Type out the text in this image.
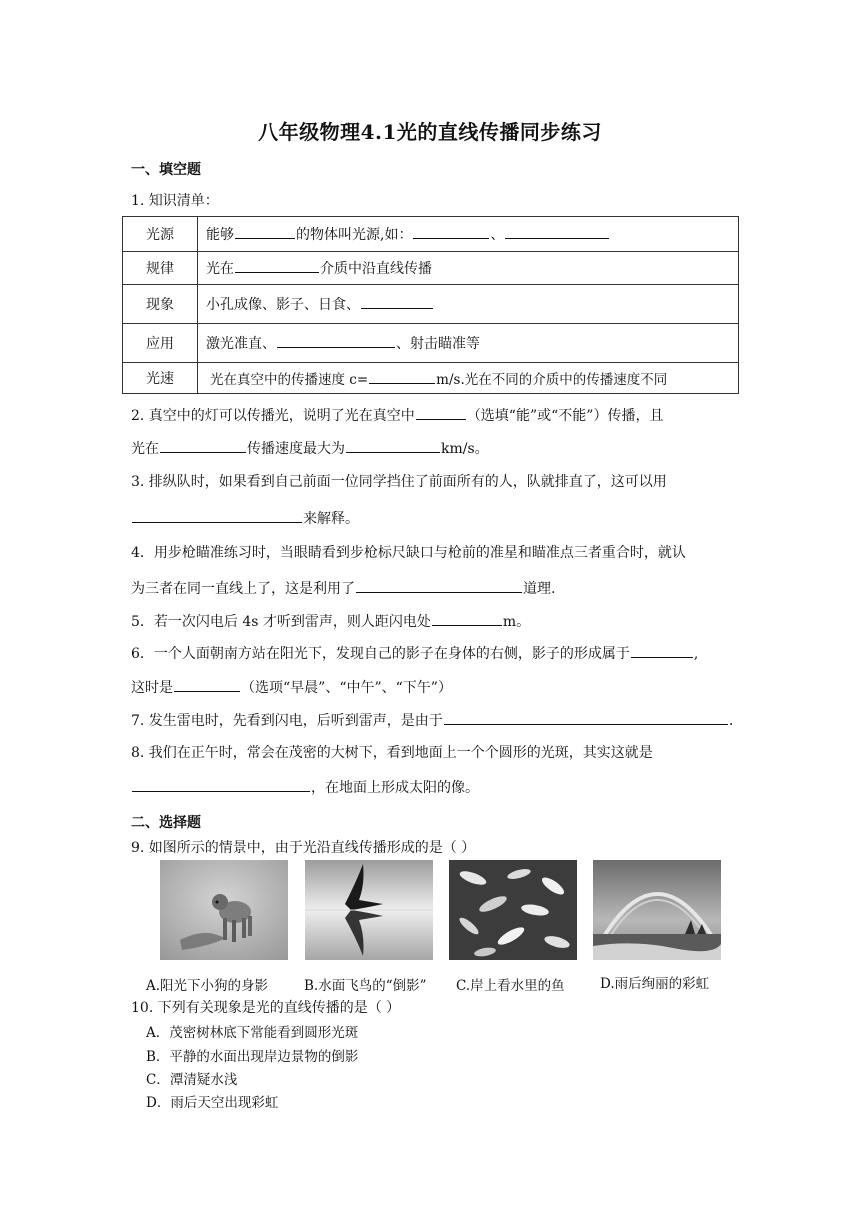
八年级物理4.1光的直线传播同步练习
一、填空题
1. 知识清单：
光源	能够 的物体叫光源,如： 、
规律	光在 介质中沿直线传播
现象	小孔成像、影子、日食、
应用	激光准直、 、射击瞄准等
光速	光在真空中的传播速度 c= m/s.光在不同的介质中的传播速度不同
2. 真空中的灯可以传播光，说明了光在真空中	（选填“能”或“不能”）传播，且
光在	传播速度最大为	km/s。
3. 排纵队时，如果看到自己前面一位同学挡住了前面所有的人，队就排直了，这可以用
来解释。
4．用步枪瞄准练习时，当眼睛看到步枪标尺缺口与枪前的准星和瞄准点三者重合时，就认
为三者在同一直线上了，这是利用了	道理.
5．若一次闪电后 4s 才听到雷声，则人距闪电处	m。
6．一个人面朝南方站在阳光下，发现自己的影子在身体的右侧，影子的形成属于	,
这时是	（选项“早晨”、“中午”、“下午”）
7. 发生雷电时，先看到闪电，后听到雷声，是由于	.
8. 我们在正午时，常会在茂密的大树下，看到地面上一个个圆形的光斑，其实这就是
，在地面上形成太阳的像。
二、选择题
9. 如图所示的情景中，由于光沿直线传播形成的是（ ）
A.阳光下小狗的身影	B.水面飞鸟的“倒影” C.岸上看水里的鱼	D.雨后绚丽的彩虹
10. 下列有关现象是光的直线传播的是（ ）
A．茂密树林底下常能看到圆形光斑
B．平静的水面出现岸边景物的倒影
C．潭清疑水浅
D．雨后天空出现彩虹
